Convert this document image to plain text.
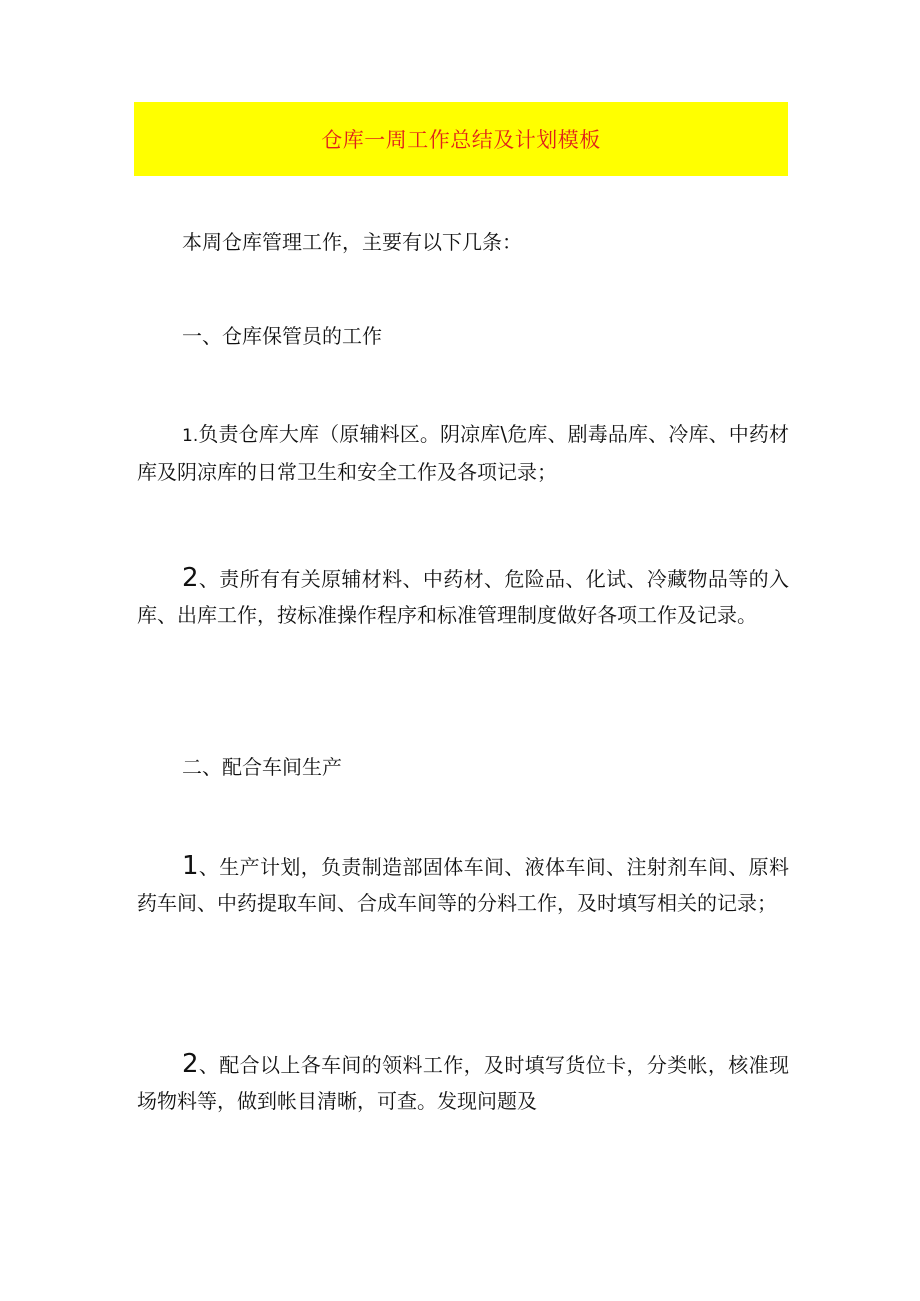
仓库一周工作总结及计划模板
本周仓库管理工作，主要有以下几条：
一、仓库保管员的工作
1.负责仓库大库（原辅料区。阴凉库\危库、剧毒品库、冷库、中药材库及阴凉库的日常卫生和安全工作及各项记录；
2、责所有有关原辅材料、中药材、危险品、化试、冷藏物品等的入库、出库工作，按标准操作程序和标准管理制度做好各项工作及记录。
二、配合车间生产
1、生产计划，负责制造部固体车间、液体车间、注射剂车间、原料药车间、中药提取车间、合成车间等的分料工作，及时填写相关的记录；
2、配合以上各车间的领料工作，及时填写货位卡，分类帐，核准现场物料等，做到帐目清晰，可查。发现问题及
